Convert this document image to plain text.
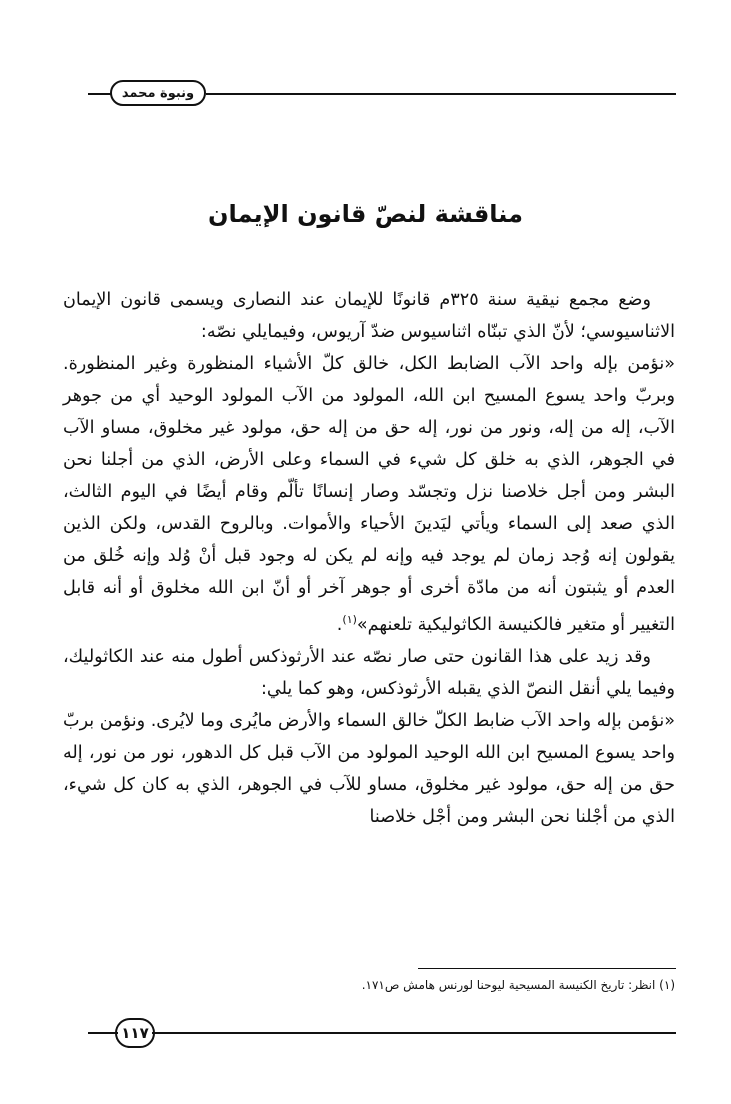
ونبوة محمد
مناقشة لنصّ قانون الإيمان

وضع مجمع نيقية سنة ٣٢٥م قانونًا للإيمان عند النصارى ويسمى قانون الإيمان الاثناسيوسي؛ لأنّ الذي تبنّاه اثناسيوس ضدّ آريوس، وفيمايلي نصّه:

«نؤمن بإله واحد الآب الضابط الكل، خالق كلّ الأشياء المنظورة وغير المنظورة. وبربّ واحد يسوع المسيح ابن الله، المولود من الآب المولود الوحيد أي من جوهر الآب، إله من إله، ونور من نور، إله حق من إله حق، مولود غير مخلوق، مساو الآب في الجوهر، الذي به خلق كل شيء في السماء وعلى الأرض، الذي من أجلنا نحن البشر ومن أجل خلاصنا نزل وتجسّد وصار إنسانًا تألّم وقام أيضًا في اليوم الثالث، الذي صعد إلى السماء ويأتي ليَدينَ الأحياء والأموات. وبالروح القدس، ولكن الذين يقولون إنه وُجد زمان لم يوجد فيه وإنه لم يكن له وجود قبل أنْ وُلد وإنه خُلق من العدم أو يثبتون أنه من مادّة أخرى أو جوهر آخر أو أنّ ابن الله مخلوق أو أنه قابل التغيير أو متغير فالكنيسة الكاثوليكية تلعنهم»$^{(١)}$.

وقد زيد على هذا القانون حتى صار نصّه عند الأرثوذكس أطول منه عند الكاثوليك، وفيما يلي أنقل النصّ الذي يقبله الأرثوذكس، وهو كما يلي:

«نؤمن بإله واحد الآب ضابط الكلّ خالق السماء والأرض مايُرى وما لايُرى. ونؤمن بربّ واحد يسوع المسيح ابن الله الوحيد المولود من الآب قبل كل الدهور، نور من نور، إله حق من إله حق، مولود غير مخلوق، مساو للآب في الجوهر، الذي به كان كل شيء، الذي من أجْلنا نحن البشر ومن أجْل خلاصنا

(١) انظر: تاريخ الكنيسة المسيحية ليوحنا لورنس هامش ص١٧١.

١١٧
